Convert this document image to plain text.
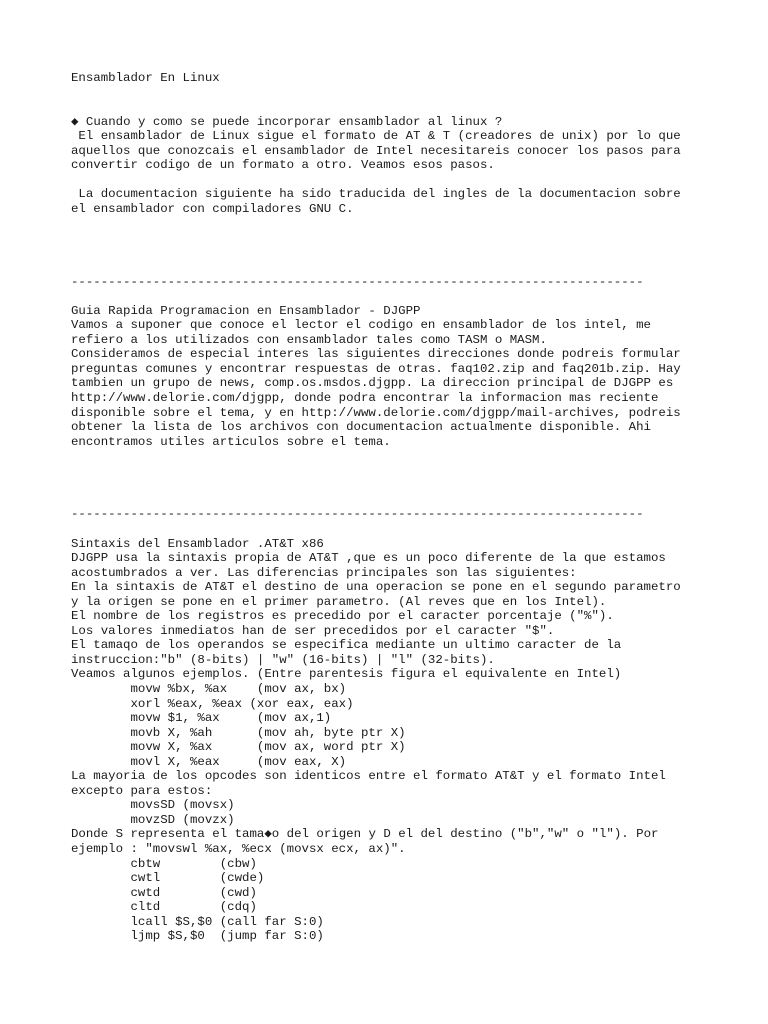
Ensamblador En Linux
◆ Cuando y como se puede incorporar ensamblador al linux ?
El ensamblador de Linux sigue el formato de AT & T (creadores de unix) por lo que
aquellos que conozcais el ensamblador de Intel necesitareis conocer los pasos para
convertir codigo de un formato a otro. Veamos esos pasos.
La documentacion siguiente ha sido traducida del ingles de la documentacion sobre
el ensamblador con compiladores GNU C.
-----------------------------------------------------------------------------
Guia Rapida Programacion en Ensamblador - DJGPP
Vamos a suponer que conoce el lector el codigo en ensamblador de los intel, me
refiero a los utilizados con ensamblador tales como TASM o MASM.
Consideramos de especial interes las siguientes direcciones donde podreis formular
preguntas comunes y encontrar respuestas de otras. faq102.zip and faq201b.zip. Hay
tambien un grupo de news, comp.os.msdos.djgpp. La direccion principal de DJGPP es
http://www.delorie.com/djgpp, donde podra encontrar la informacion mas reciente
disponible sobre el tema, y en http://www.delorie.com/djgpp/mail-archives, podreis
obtener la lista de los archivos con documentacion actualmente disponible. Ahi
encontramos utiles articulos sobre el tema.
-----------------------------------------------------------------------------
Sintaxis del Ensamblador .AT&T x86
DJGPP usa la sintaxis propia de AT&T ,que es un poco diferente de la que estamos
acostumbrados a ver. Las diferencias principales son las siguientes:
En la sintaxis de AT&T el destino de una operacion se pone en el segundo parametro
y la origen se pone en el primer parametro. (Al reves que en los Intel).
El nombre de los registros es precedido por el caracter porcentaje ("%").
Los valores inmediatos han de ser precedidos por el caracter "$".
El tamaqo de los operandos se especifica mediante un ultimo caracter de la
instruccion:"b" (8-bits) | "w" (16-bits) | "l" (32-bits).
Veamos algunos ejemplos. (Entre parentesis figura el equivalente en Intel)
movw %bx, %ax    (mov ax, bx)
xorl %eax, %eax (xor eax, eax)
movw $1, %ax     (mov ax,1)
movb X, %ah      (mov ah, byte ptr X)
movw X, %ax      (mov ax, word ptr X)
movl X, %eax     (mov eax, X)
La mayoria de los opcodes son identicos entre el formato AT&T y el formato Intel
excepto para estos:
movsSD (movsx)
movzSD (movzx)
Donde S representa el tama◆o del origen y D el del destino ("b","w" o "l"). Por
ejemplo : "movswl %ax, %ecx (movsx ecx, ax)".
cbtw        (cbw)
cwtl        (cwde)
cwtd        (cwd)
cltd        (cdq)
lcall $S,$0 (call far S:0)
ljmp $S,$0  (jump far S:0)
